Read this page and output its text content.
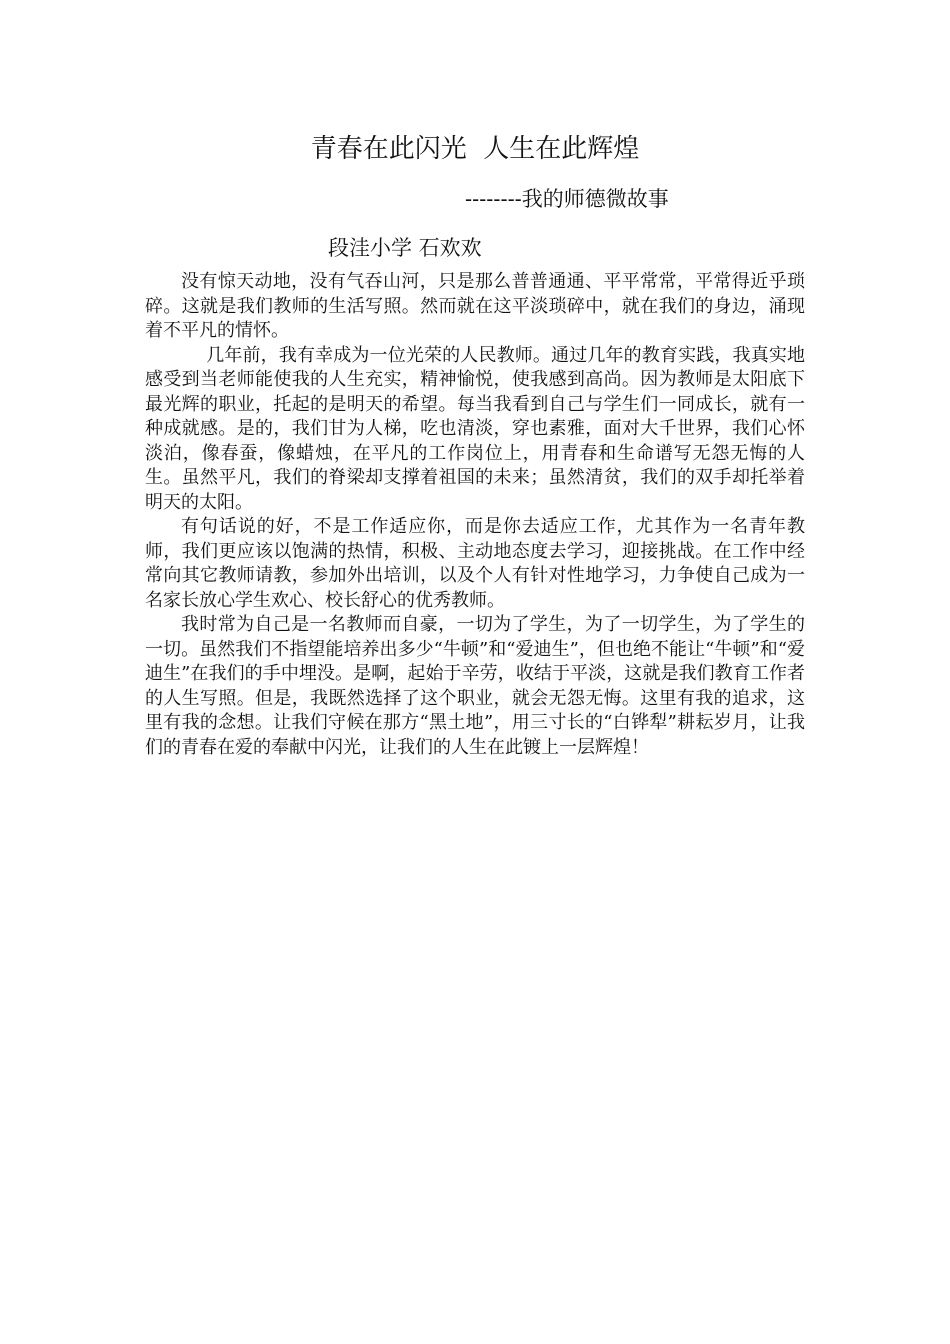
青春在此闪光  人生在此辉煌
--------我的师德微故事
段洼小学 石欢欢

没有惊天动地，没有气吞山河，只是那么普普通通、平平常常，平常得近乎琐碎。这就是我们教师的生活写照。然而就在这平淡琐碎中，就在我们的身边，涌现着不平凡的情怀。

几年前，我有幸成为一位光荣的人民教师。通过几年的教育实践，我真实地感受到当老师能使我的人生充实，精神愉悦，使我感到高尚。因为教师是太阳底下最光辉的职业，托起的是明天的希望。每当我看到自己与学生们一同成长，就有一种成就感。是的，我们甘为人梯，吃也清淡，穿也素雅，面对大千世界，我们心怀淡泊，像春蚕，像蜡烛，在平凡的工作岗位上，用青春和生命谱写无怨无悔的人生。虽然平凡，我们的脊梁却支撑着祖国的未来；虽然清贫，我们的双手却托举着明天的太阳。

有句话说的好，不是工作适应你，而是你去适应工作，尤其作为一名青年教师，我们更应该以饱满的热情，积极、主动地态度去学习，迎接挑战。在工作中经常向其它教师请教，参加外出培训，以及个人有针对性地学习，力争使自己成为一名家长放心学生欢心、校长舒心的优秀教师。

我时常为自己是一名教师而自豪，一切为了学生，为了一切学生，为了学生的一切。虽然我们不指望能培养出多少“牛顿”和“爱迪生”，但也绝不能让“牛顿”和“爱迪生”在我们的手中埋没。是啊，起始于辛劳，收结于平淡，这就是我们教育工作者的人生写照。但是，我既然选择了这个职业，就会无怨无悔。这里有我的追求，这里有我的念想。让我们守候在那方“黑土地”，用三寸长的“白铧犁”耕耘岁月，让我们的青春在爱的奉献中闪光，让我们的人生在此镀上一层辉煌！
